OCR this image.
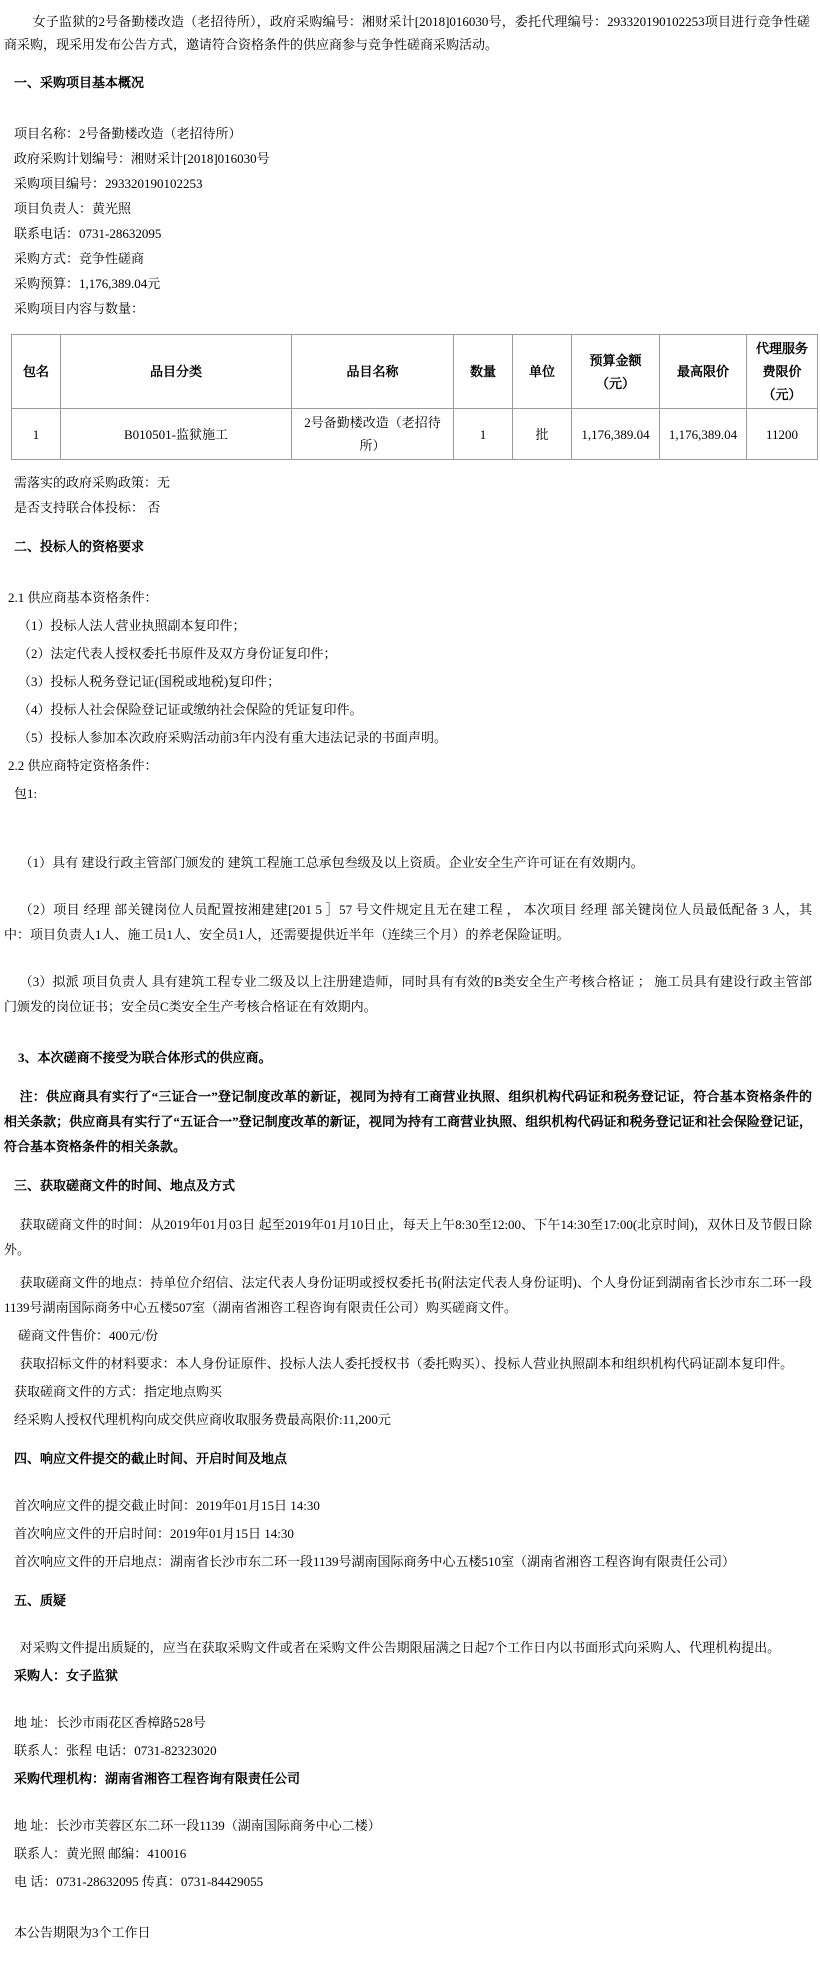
女子监狱的2号备勤楼改造（老招待所），政府采购编号：湘财采计[2018]016030号，委托代理编号：293320190102253项目进行竞争性磋商采购，现采用发布公告方式，邀请符合资格条件的供应商参与竞争性磋商采购活动。

一、采购项目基本概况

项目名称：2号备勤楼改造（老招待所）

政府采购计划编号：湘财采计[2018]016030号

采购项目编号：293320190102253

项目负责人：黄光照

联系电话：0731-28632095

采购方式：竞争性磋商

采购预算：1,176,389.04元

采购项目内容与数量：

包名	品目分类	品目名称	数量	单位	预算金额 （元）	最高限价	代理服务费限价（元）
1	B010501-监狱施工	2号备勤楼改造（老招待所）	1	批	1,176,389.04	1,176,389.04	11200

需落实的政府采购政策：无

是否支持联合体投标： 否

二、投标人的资格要求

2.1 供应商基本资格条件：

（1）投标人法人营业执照副本复印件；

（2）法定代表人授权委托书原件及双方身份证复印件；

（3）投标人税务登记证(国税或地税)复印件；

（4）投标人社会保险登记证或缴纳社会保险的凭证复印件。

（5）投标人参加本次政府采购活动前3年内没有重大违法记录的书面声明。

2.2 供应商特定资格条件：

包1:

（1）具有 建设行政主管部门颁发的 建筑工程施工总承包叁级及以上资质。企业安全生产许可证在有效期内。

（2）项目 经理 部关键岗位人员配置按湘建建[201 5 ］57 号文件规定且无在建工程 ， 本次项目 经理 部关键岗位人员最低配备 3 人，其中：项目负责人1人、施工员1人、安全员1人，还需要提供近半年（连续三个月）的养老保险证明。

（3）拟派 项目负责人 具有建筑工程专业二级及以上注册建造师，同时具有有效的B类安全生产考核合格证 ； 施工员具有建设行政主管部门颁发的岗位证书；安全员C类安全生产考核合格证在有效期内。

3、本次磋商不接受为联合体形式的供应商。

注：供应商具有实行了“三证合一”登记制度改革的新证，视同为持有工商营业执照、组织机构代码证和税务登记证，符合基本资格条件的相关条款；供应商具有实行了“五证合一”登记制度改革的新证，视同为持有工商营业执照、组织机构代码证和税务登记证和社会保险登记证，符合基本资格条件的相关条款。

三、获取磋商文件的时间、地点及方式

获取磋商文件的时间：从2019年01月03日 起至2019年01月10日止，每天上午8:30至12:00、下午14:30至17:00(北京时间)，双休日及节假日除外。

获取磋商文件的地点：持单位介绍信、法定代表人身份证明或授权委托书(附法定代表人身份证明)、个人身份证到湖南省长沙市东二环一段1139号湖南国际商务中心五楼507室（湖南省湘咨工程咨询有限责任公司）购买磋商文件。

磋商文件售价：400元/份

获取招标文件的材料要求：本人身份证原件、投标人法人委托授权书（委托购买）、投标人营业执照副本和组织机构代码证副本复印件。

获取磋商文件的方式：指定地点购买

经采购人授权代理机构向成交供应商收取服务费最高限价:11,200元

四、响应文件提交的截止时间、开启时间及地点

首次响应文件的提交截止时间：2019年01月15日 14:30

首次响应文件的开启时间：2019年01月15日 14:30

首次响应文件的开启地点：湖南省长沙市东二环一段1139号湖南国际商务中心五楼510室（湖南省湘咨工程咨询有限责任公司）

五、质疑

对采购文件提出质疑的，应当在获取采购文件或者在采购文件公告期限届满之日起7个工作日内以书面形式向采购人、代理机构提出。

采购人：女子监狱

地 址：长沙市雨花区香樟路528号

联系人：张程 电话：0731-82323020

采购代理机构：湖南省湘咨工程咨询有限责任公司

地 址：长沙市芙蓉区东二环一段1139（湖南国际商务中心二楼）

联系人：黄光照 邮编：410016

电 话：0731-28632095 传真：0731-84429055

本公告期限为3个工作日
